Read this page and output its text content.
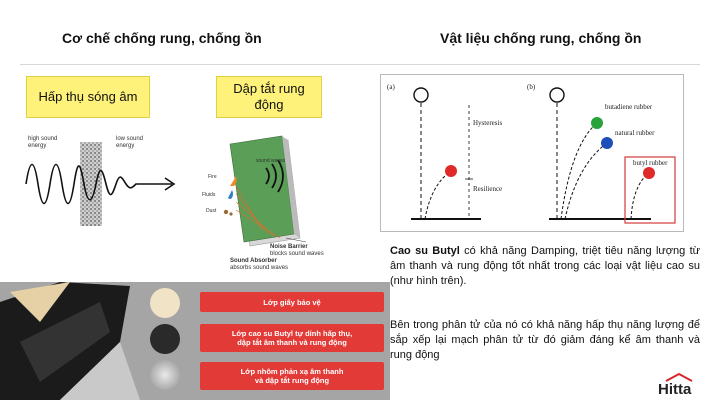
Cơ chế chống rung, chống ồn	Vật liệu chống rung, chống ồn
Hấp thụ sóng âm
Dập tắt rung
động
high sound
energy
low sound
energy
sound waves
Fire
Fluids
Dust
Noise Barrier
blocks sound waves
Sound Absorber
absorbs sound waves
Lớp giấy bảo vệ
Lớp cao su Butyl tự dính hấp thụ,
dập tắt âm thanh và rung động
Lớp nhôm phản xạ âm thanh
và dập tắt rung động
(a)	(b)
Hysteresis
Resilience
butadiene rubber
natural rubber
butyl rubber
Cao su Butyl có khả năng Damping, triệt tiêu năng lượng từ âm thanh và rung động tốt nhất trong các loại vật liệu cao su (như hình trên).
Bên trong phân tử của nó có khả năng hấp thụ năng lượng để sắp xếp lại mạch phân tử từ đó giảm đáng kể âm thanh và rung động
Hitta
